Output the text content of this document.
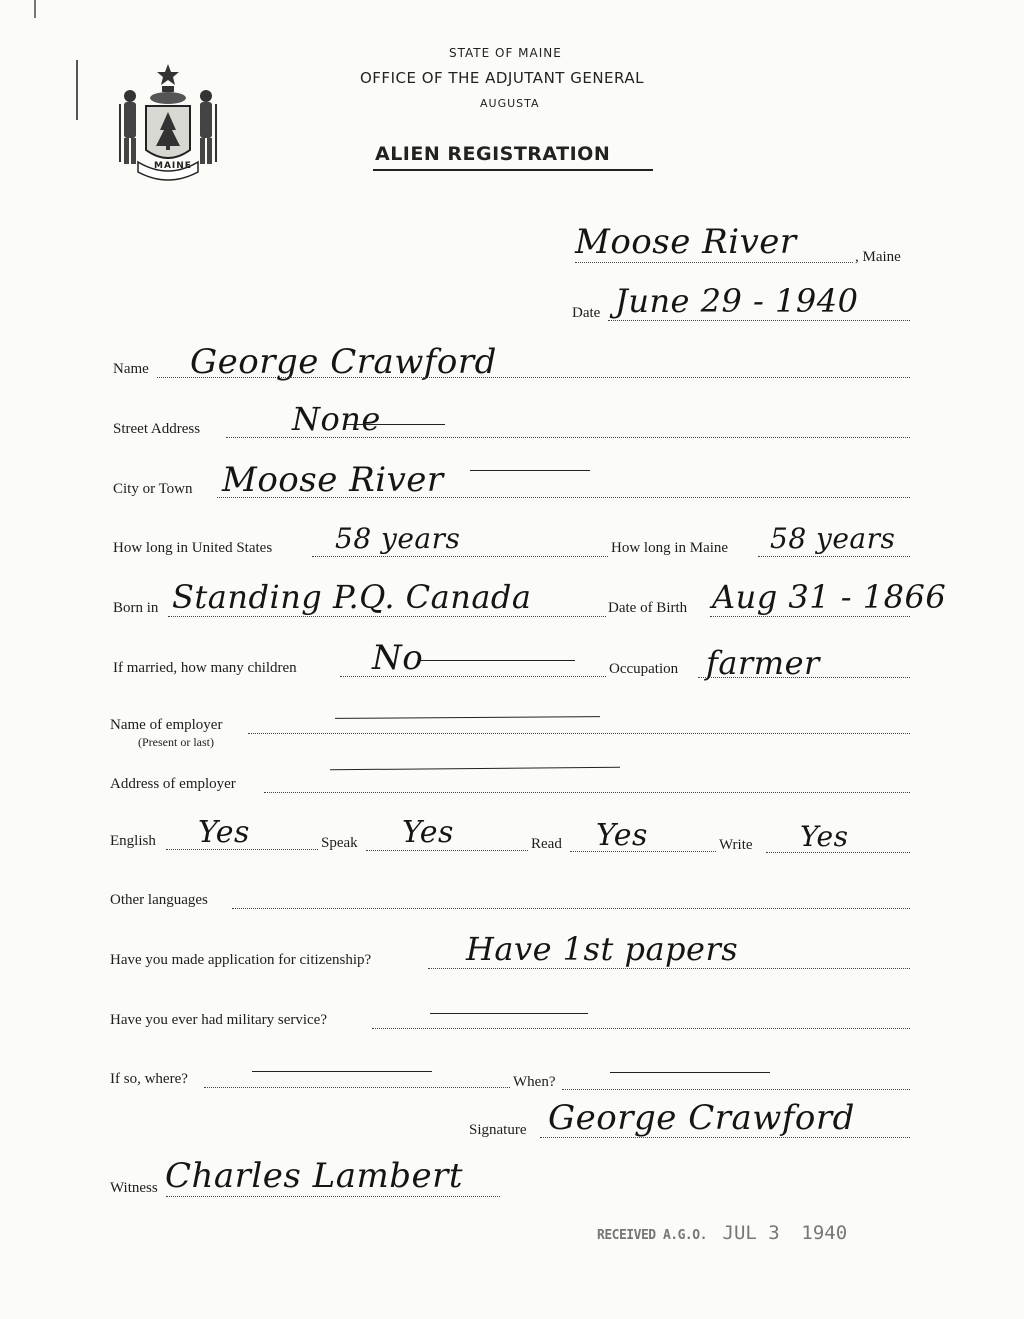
MAINE
STATE OF MAINE
OFFICE OF THE ADJUTANT GENERAL
AUGUSTA
ALIEN REGISTRATION
Moose River	, Maine
Date June 29 - 1940
Name George Crawford
Street Address	None
City or Town Moose River
How long in United States 58 years	How long in Maine 58 years
Born in Standing P.Q. Canada	Date of Birth Aug 31 - 1866
If married, how many children No	Occupation farmer
Name of employer
(Present or last)
Address of employer
English Yes	Speak Yes	Read Yes	Write Yes
Other languages
Have you made application for citizenship?	Have 1st papers
Have you ever had military service?
If so, where?	When?
Signature George Crawford
Witness Charles Lambert
RECEIVED A.G.O. JUL 3 1940
